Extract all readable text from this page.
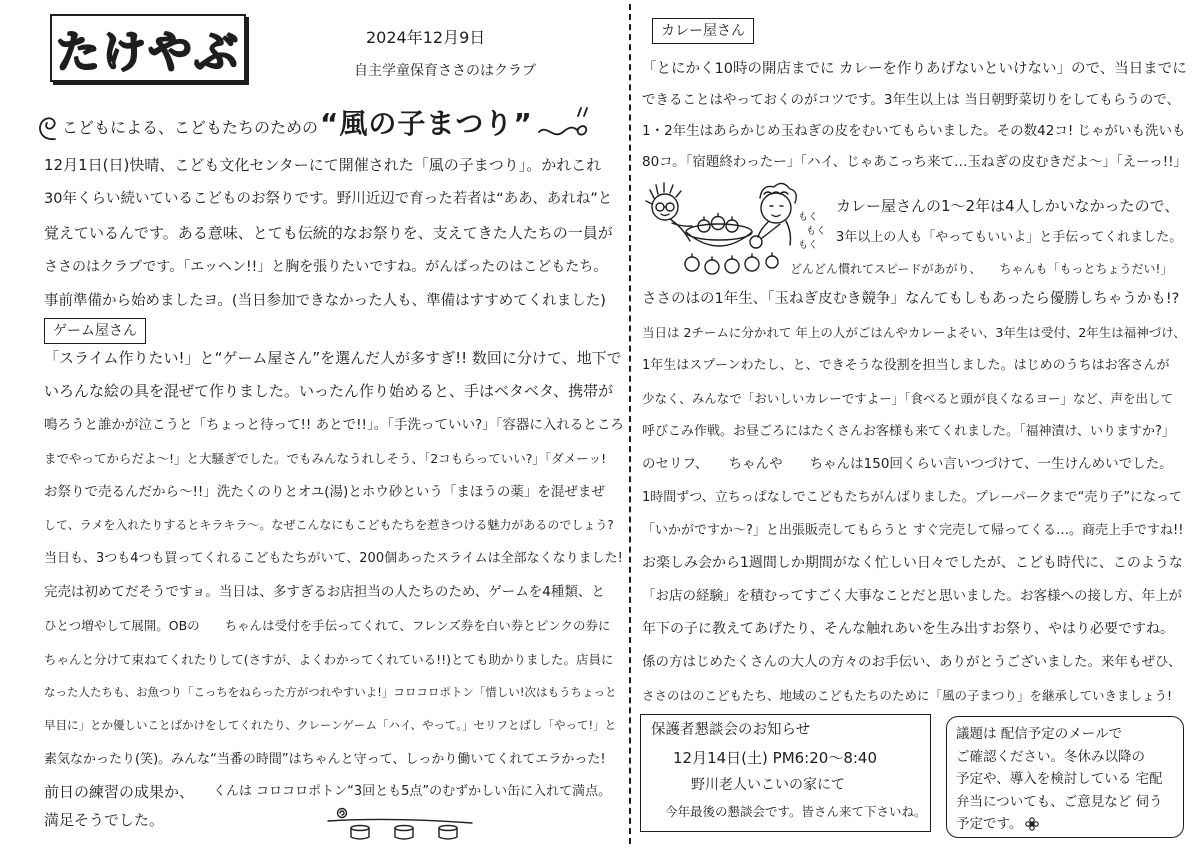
たけやぶ	2024年12月9日
自主学童保育ささのはクラブ
こどもによる、こどもたちのための “風の子まつり”
12月1日(日)快晴、こども文化センターにて開催された「風の子まつり」。かれこれ
30年くらい続いているこどものお祭りです。野川近辺で育った若者は“ああ、あれね”と
覚えているんです。ある意味、とても伝統的なお祭りを、支えてきた人たちの一員が
ささのはクラブです。「エッヘン!!」と胸を張りたいですね。がんばったのはこどもたち。
事前準備から始めましたヨ。(当日参加できなかった人も、準備はすすめてくれました)
ゲーム屋さん
「スライム作りたい!」と“ゲーム屋さん”を選んだ人が多すぎ!! 数回に分けて、地下で
いろんな絵の具を混ぜて作りました。いったん作り始めると、手はベタベタ、携帯が
鳴ろうと誰かが泣こうと「ちょっと待って!! あとで!!」。「手洗っていい?」「容器に入れるところ
までやってからだよ〜!」と大騒ぎでした。でもみんなうれしそう、「2コもらっていい?」「ダメーッ!
お祭りで売るんだから〜!!」洗たくのりとオユ(湯)とホウ砂という「まほうの薬」を混ぜまぜ
して、ラメを入れたりするとキラキラ〜。なぜこんなにもこどもたちを惹きつける魅力があるのでしょう?
当日も、3つも4つも買ってくれるこどもたちがいて、200個あったスライムは全部なくなりました!
完売は初めてだそうですョ。当日は、多すぎるお店担当の人たちのため、ゲームを4種類、と
ひとつ増やして展開。OBの　　ちゃんは受付を手伝ってくれて、フレンズ券を白い券とピンクの券に
ちゃんと分けて束ねてくれたりして(さすが、よくわかってくれている!!)とても助かりました。店員に
なった人たちも、お魚つり「こっちをねらった方がつれやすいよ!」コロコロポトン「惜しい!次はもうちょっと
早目に」とか優しいことばかけをしてくれたり、クレーンゲーム「ハイ、やって。」セリフとばし「やって!」と
素気なかったり(笑)。みんな“当番の時間”はちゃんと守って、しっかり働いてくれてエラかった!
前日の練習の成果か、 　くんは コロコロポトン“3回とも5点”のむずかしい缶に入れて満点。
満足そうでした。
カレー屋さん
「とにかく10時の開店までに カレーを作りあげないといけない」ので、当日までに
できることはやっておくのがコツです。3年生以上は 当日朝野菜切りをしてもらうので、
1・2年生はあらかじめ玉ねぎの皮をむいてもらいました。その数42コ! じゃがいも洗いも
80コ。「宿題終わったー」「ハイ、じゃあこっち来て…玉ねぎの皮むきだよ〜」「えーっ!!」
もく
もく
もく
カレー屋さんの1〜2年は4人しかいなかったので、
3年以上の人も「やってもいいよ」と手伝ってくれました。
どんどん慣れてスピードがあがり、　　ちゃんも「もっとちょうだい!」
ささのはの1年生、「玉ねぎ皮むき競争」なんてもしもあったら優勝しちゃうかも!?
当日は 2チームに分かれて 年上の人がごはんやカレーよそい、3年生は受付、2年生は福神づけ、
1年生はスプーンわたし、と、できそうな役割を担当しました。はじめのうちはお客さんが
少なく、みんなで「おいしいカレーですよー」「食べると頭が良くなるヨー」など、声を出して
呼びこみ作戦。お昼ごろにはたくさんお客様も来てくれました。「福神漬け、いりますか?」
のセリフ、　　ちゃんや　　ちゃんは150回くらい言いつづけて、一生けんめいでした。
1時間ずつ、立ちっぱなしでこどもたちがんばりました。プレーパークまで“売り子”になって
「いかがですか〜?」と出張販売してもらうと すぐ完売して帰ってくる…。商売上手ですね!!
お楽しみ会から1週間しか期間がなく忙しい日々でしたが、こども時代に、このような
「お店の経験」を積むってすごく大事なことだと思いました。お客様への接し方、年上が
年下の子に教えてあげたり、そんな触れあいを生み出すお祭り、やはり必要ですね。
係の方はじめたくさんの大人の方々のお手伝い、ありがとうございました。来年もぜひ、
ささのはのこどもたち、地域のこどもたちのために「風の子まつり」を継承していきましょう!
保護者懇談会のお知らせ
12月14日(土) PM6:20〜8:40
野川老人いこいの家にて
今年最後の懇談会です。皆さん来て下さいね。
議題は 配信予定のメールで
ご確認ください。冬休み以降の
予定や、導入を検討している 宅配
弁当についても、ご意見など 伺う
予定です。
